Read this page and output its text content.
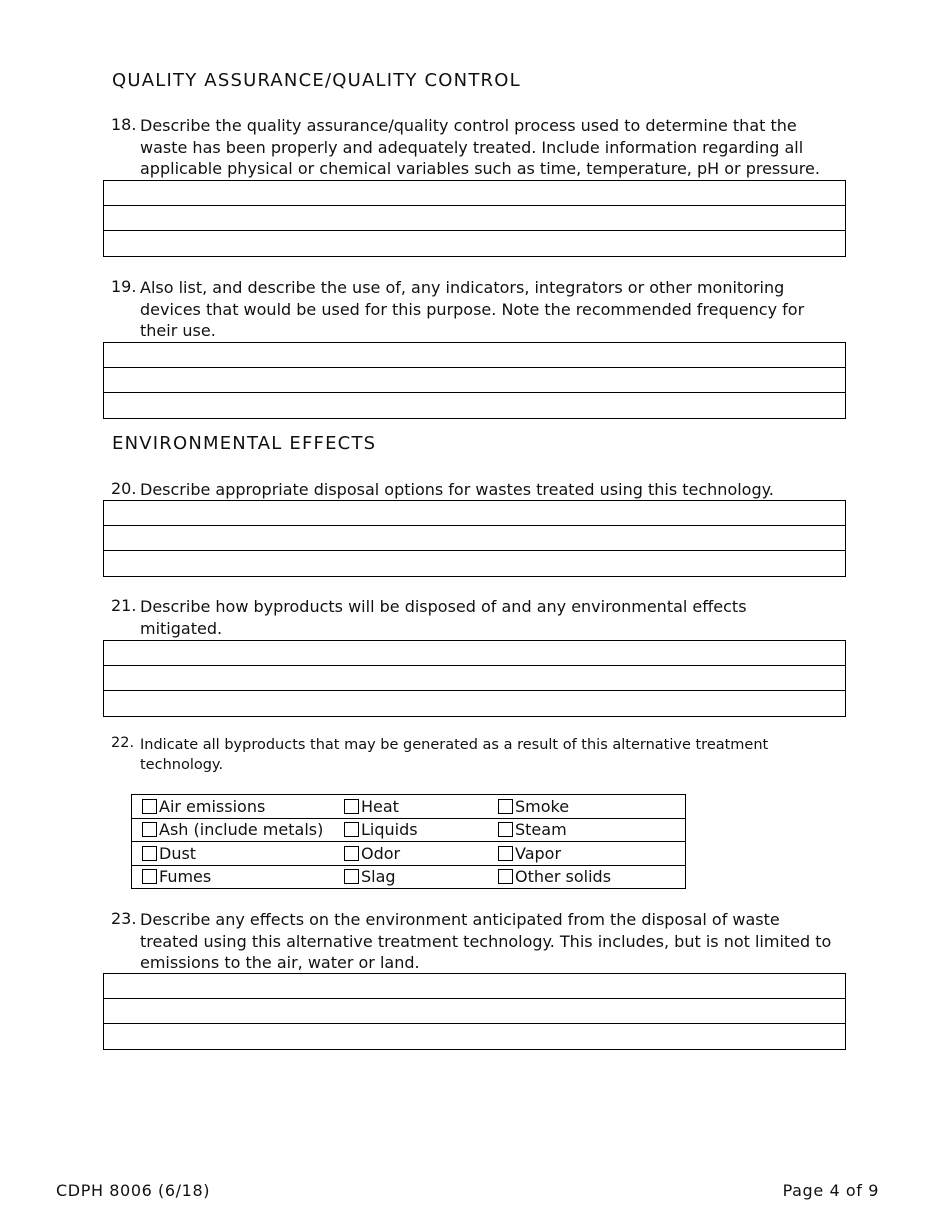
QUALITY ASSURANCE/QUALITY CONTROL
18. Describe the quality assurance/quality control process used to determine that the waste has been properly and adequately treated. Include information regarding all applicable physical or chemical variables such as time, temperature, pH or pressure.
19. Also list, and describe the use of, any indicators, integrators or other monitoring devices that would be used for this purpose. Note the recommended frequency for their use.
ENVIRONMENTAL EFFECTS
20. Describe appropriate disposal options for wastes treated using this technology.
21. Describe how byproducts will be disposed of and any environmental effects mitigated.
22. Indicate all byproducts that may be generated as a result of this alternative treatment technology.
Air emissions	Heat	Smoke

Ash (include metals)	Liquids	Steam

Dust	Odor	Vapor

Fumes	Slag	Other solids
23. Describe any effects on the environment anticipated from the disposal of waste treated using this alternative treatment technology. This includes, but is not limited to emissions to the air, water or land.
CDPH 8006 (6/18)	Page 4 of 9
